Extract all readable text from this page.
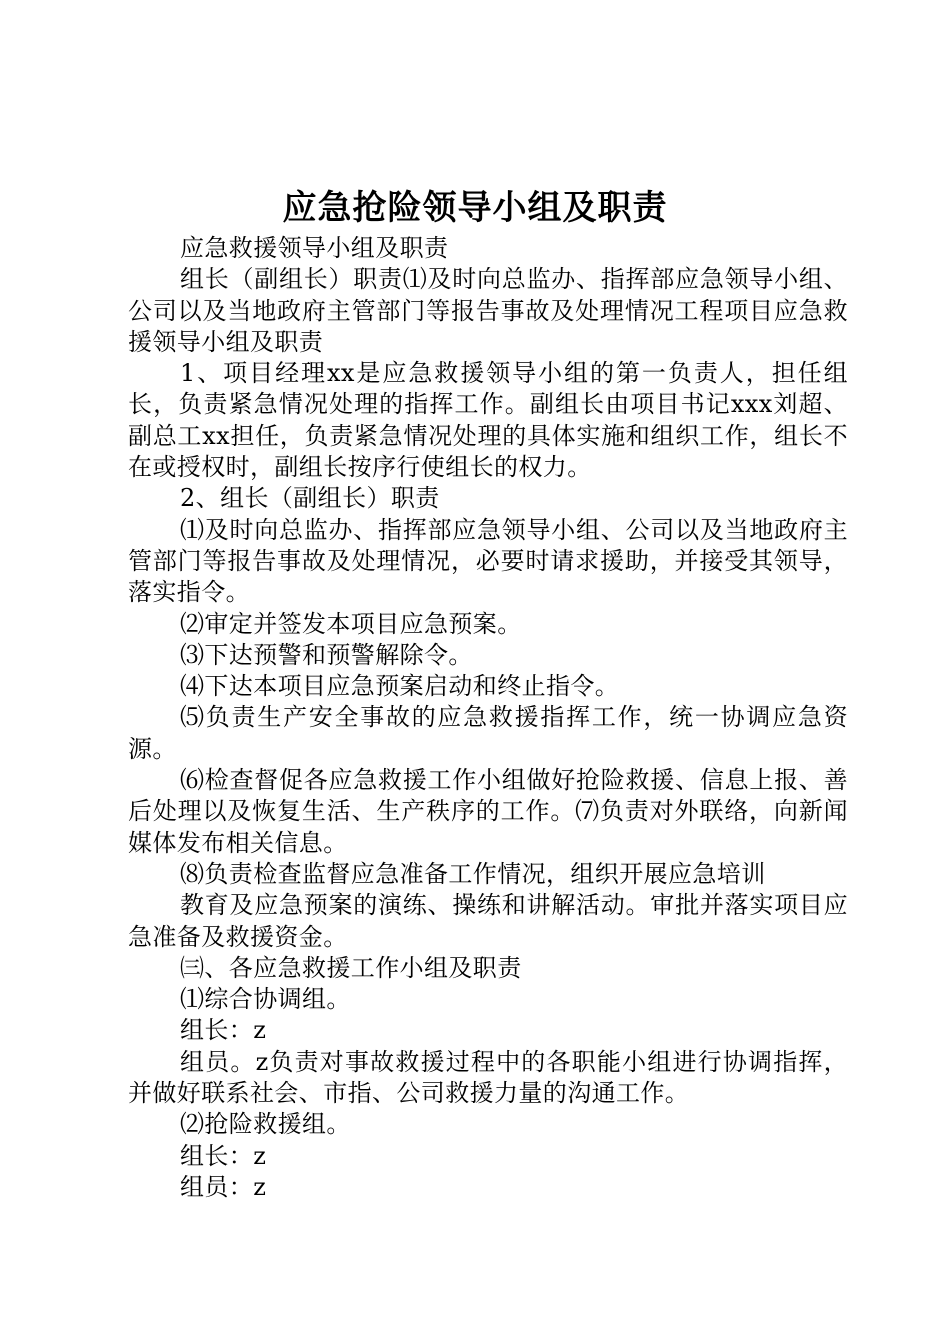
应急抢险领导小组及职责

应急救援领导小组及职责

组长（副组长）职责⑴及时向总监办、指挥部应急领导小组、公司以及当地政府主管部门等报告事故及处理情况工程项目应急救援领导小组及职责

1、项目经理xx是应急救援领导小组的第一负责人，担任组长，负责紧急情况处理的指挥工作。副组长由项目书记xxx刘超、副总工xx担任，负责紧急情况处理的具体实施和组织工作，组长不在或授权时，副组长按序行使组长的权力。

2、组长（副组长）职责

⑴及时向总监办、指挥部应急领导小组、公司以及当地政府主管部门等报告事故及处理情况，必要时请求援助，并接受其领导，落实指令。

⑵审定并签发本项目应急预案。

⑶下达预警和预警解除令。

⑷下达本项目应急预案启动和终止指令。

⑸负责生产安全事故的应急救援指挥工作，统一协调应急资源。

⑹检查督促各应急救援工作小组做好抢险救援、信息上报、善后处理以及恢复生活、生产秩序的工作。⑺负责对外联络，向新闻媒体发布相关信息。

⑻负责检查监督应急准备工作情况，组织开展应急培训

教育及应急预案的演练、操练和讲解活动。审批并落实项目应急准备及救援资金。

㈢、各应急救援工作小组及职责

⑴综合协调组。

组长：z

组员。z负责对事故救援过程中的各职能小组进行协调指挥，并做好联系社会、市指、公司救援力量的沟通工作。

⑵抢险救援组。

组长：z

组员：z
